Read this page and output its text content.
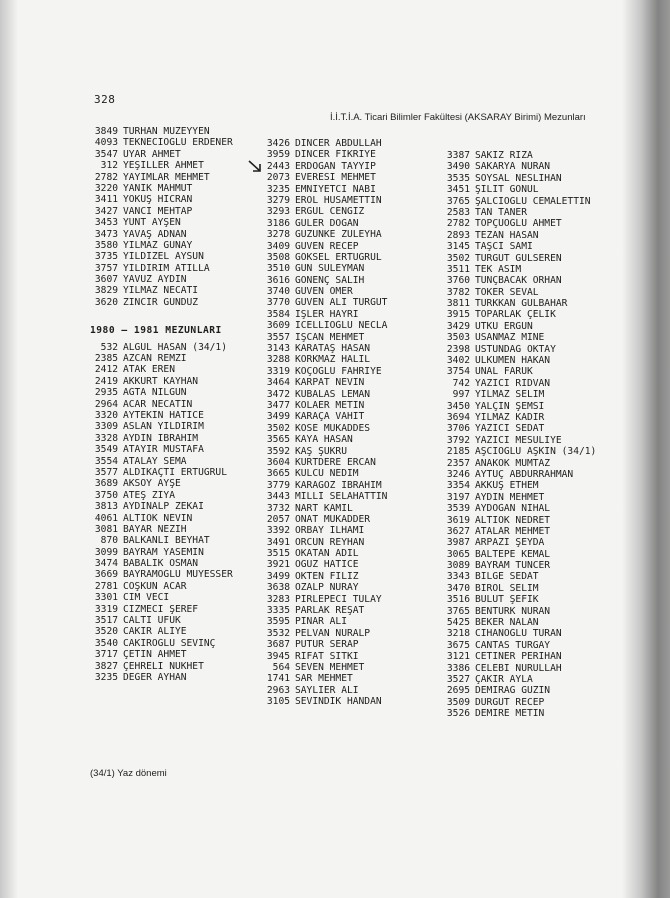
328
İ.İ.T.İ.A. Ticari Bilimler Fakültesi (AKSARAY Birimi) Mezunları
3849 TURHAN MÜZEYYEN
4093 TEKNECİOĞLU ERDENER
3547 UYAR AHMET
312 YEŞİLLER AHMET
2782 YAYIMLAR MEHMET
3220 YANIK MAHMUT
3411 YOKUŞ HİCRAN
3427 VANCI MEHTAP
3453 YUNT AYŞEN
3473 YAVAŞ ADNAN
3580 YILMAZ GÜNAY
3735 YILDIZEL AYSUN
3757 YILDIRIM ATİLLA
3607 YAVUZ AYDIN
3829 YILMAZ NECATİ
3620 ZİNCİR GÜNDÜZ
1980 — 1981 MEZUNLARI
532 ALGÜL HASAN (34/1)
2385 AZCAN REMZİ
2412 ATAK EREN
2419 AKKURT KAYHAN
2935 AĞTA NİLGÜN
2964 ACAR NECATİN
3320 AYTEKİN HATİCE
3309 ASLAN YILDIRIM
3328 AYDIN İBRAHİM
3549 ATAYIR MUSTAFA
3554 ATALAY SEMA
3577 ALDIKAÇTI ERTUĞRUL
3689 AKSOY AYŞE
3750 ATEŞ ZİYA
3813 AYDINALP ZEKAİ
4061 ALTIOK NEVİN
3081 BAYAR NEZİH
870 BALKANLI BEYHAT
3099 BAYRAM YASEMİN
3474 BABALIK OSMAN
3669 BAYRAMOĞLU MÜYESSER
2781 COŞKUN ACAR
3301 CİM VECİ
3319 CIZMECİ ŞEREF
3517 CALTI UFUK
3520 CAKIR ALİYE
3540 CAKIROĞLU SEVİNÇ
3717 ÇETİN AHMET
3827 ÇEHRELİ NÜKHET
3235 DEĞER AYHAN
3426 DİNCER ABDULLAH
3959 DİNCER FİKRİYE
2443 ERDOĞAN TAYYİP
2073 EVERESİ MEHMET
3235 EMNİYETCİ NABİ
3279 EROL HÜSAMETTİN
3293 ERGÜL CENGİZ
3186 GÜLER DOĞAN
3278 GÜZÜNKE ZÜLEYHA
3409 GÜVEN RECEP
3508 GÖKSEL ERTUĞRUL
3510 GÜN SÜLEYMAN
3616 GÖNENÇ SALİH
3740 GÜVEN ÖMER
3770 GÜVEN ALİ TURGUT
3584 İŞLER HAYRİ
3609 İCELLİOĞLU NECLA
3557 İŞCAN MEHMET
3143 KARATAŞ HASAN
3288 KORKMAZ HALİL
3319 KOÇOĞLU FAHRİYE
3464 KARPAT NEVİN
3472 KUBALAS LEMAN
3477 KOLAER METİN
3499 KARAÇA VAHİT
3502 KÖSE MUKADDES
3565 KAYA HASAN
3592 KAŞ ŞÜKRÜ
3604 KURTDERE ERCAN
3665 KÜLCÜ NEDİM
3779 KARAGÖZ İBRAHİM
3443 MİLLİ SELAHATTİN
3732 NART KAMİL
2057 ONAT MUKADDER
3392 ORBAY İLHAMİ
3491 ORCUN REYHAN
3515 OKATAN ADİL
3921 OĞUZ HATİCE
3499 ÖKTEN FİLİZ
3638 ÖZALP NURAY
3283 PİRLEPECİ TÜLAY
3335 PARLAK REŞAT
3595 PINAR ALİ
3532 PELVAN NURALP
3687 PUTUR SERAP
3945 RIFAT SITKI
564 SEVEN MEHMET
1741 SAR MEHMET
2963 SAYLIER ALİ
3105 SEVİNDİK HANDAN
3387 SAKIZ RIZA
3490 SAKARYA NURAN
3535 SOYSAL NESLİHAN
3451 ŞİLİT GONÜL
3765 ŞALCIOĞLU CEMALETTİN
2583 TAN TANER
2782 TOPÇUOĞLU AHMET
2893 TEZAN HASAN
3145 TAŞCI SAMİ
3502 TURGUT GÜLSEREN
3511 TEK ASIM
3760 TUNÇBACAK ORHAN
3782 TOKER SEVAL
3811 TÜRKKAN GÜLBAHAR
3915 TOPARLAK ÇELİK
3429 UTKU ERGÜN
3503 USANMAZ MİNE
2398 ÜSTÜNDAĞ OKTAY
3402 ÜLKÜMEN HAKAN
3754 ÜNAL FARUK
742 YAZICI RIDVAN
997 YILMAZ SELİM
3450 YALÇIN ŞEMSİ
3694 YILMAZ KADİR
3706 YAZICI SEDAT
3792 YAZICI MESULİYE
2185 AŞCIOĞLU AŞKIN (34/1)
2357 ANAKÖK MÜMTAZ
3246 AYTUÇ ABDURRAHMAN
3354 AKKUŞ ETHEM
3197 AYDIN MEHMET
3539 AYDOĞAN NİHAL
3619 ALTIOK NEDRET
3627 ATALAR MEHMET
3987 ARPAZI ŞEYDA
3065 BALTEPE KEMAL
3089 BAYRAM TUNCER
3343 BİLGE SEDAT
3470 BİROL SELİM
3516 BULUT ŞEFİK
3765 BENTÜRK NURAN
5425 BEKER NALAN
3218 CİHANOĞLU TURAN
3675 CANTAS TURGAY
3121 CETİNER PERİHAN
3386 CELEBİ NURULLAH
3527 ÇAKIR AYLA
2695 DEMİRAĞ GÜZİN
3509 DURGUT RECEP
3526 DEMİRE METİN
(34/1) Yaz dönemi
